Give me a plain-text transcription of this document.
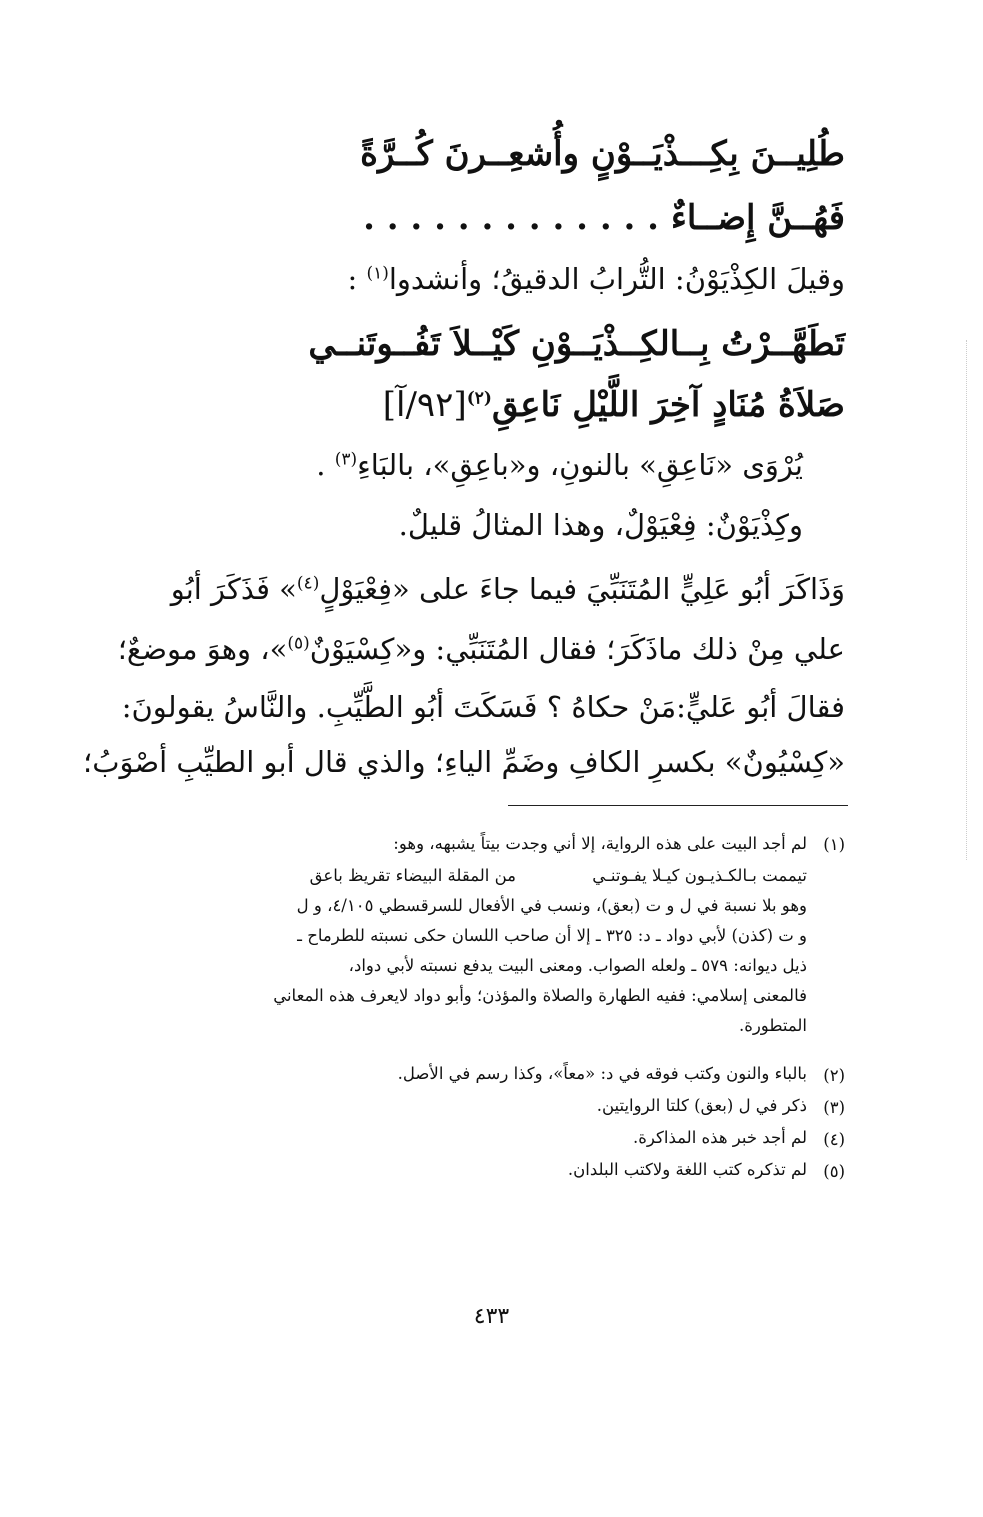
طُلِيــنَ بِكِـــذْيَــوْنٍ وأُشعِــرنَ كُــرَّةً
فَهُــنَّ إِضــاءٌ . . . . . . . . . . . . .
وقيلَ الكِذْيَوْنُ: التُّرابُ الدقيقُ؛ وأنشدوا$^{(١)}$ :
تَطَهَّــرْتُ بِــالكِــذْيَــوْنِ كَيْــلاَ تَفُــوتَنــي
صَلاَةُ مُنَادٍ آخِرَ اللَّيْلِ نَاعِقِ$^{(٢)}$[٩٢/آ]
يُرْوَى «نَاعِقِ» بالنونِ، و«باعِقِ»، بالبَاءِ$^{(٣)}$ .
وكِذْيَوْنٌ: فِعْيَوْلٌ، وهذا المثالُ قليلٌ.
وَذَاكَرَ أبُو عَلِيٍّ المُتَنَبِّيَ فيما جاءَ على «فِعْيَوْلٍ$^{(٤)}$» فَذَكَرَ أبُو
علي مِنْ ذلك ماذَكَرَ؛ فقال المُتَنَبِّي: و«كِسْيَوْنٌ$^{(٥)}$»، وهوَ موضعٌ؛
فقالَ أبُو عَليٍّ:مَنْ حكاهُ ؟ فَسَكَتَ أبُو الطَّيِّبِ. والنَّاسُ يقولونَ:
«كِسْيُونٌ» بكسرِ الكافِ وضَمِّ الياءِ؛ والذي قال أبو الطيِّبِ أصْوَبُ؛
(١)
لم أجد البيت على هذه الرواية، إلا أني وجدت بيتاً يشبهه، وهو:
تيممت بـالكـذيـون كيـلا يفـوتنـي
من المقلة البيضاء تقريظ باعق
وهو بلا نسبة في ل و ت (بعق)، ونسب في الأفعال للسرقسطي ٤/١٠٥، و ل
و ت (كذن) لأبي دواد ـ د: ٣٢٥ ـ إلا أن صاحب اللسان حكى نسبته للطرماح ـ
ذيل ديوانه: ٥٧٩ ـ ولعله الصواب. ومعنى البيت يدفع نسبته لأبي دواد،
فالمعنى إسلامي: ففيه الطهارة والصلاة والمؤذن؛ وأبو دواد لايعرف هذه المعاني
المتطورة.
(٢)
بالباء والنون وكتب فوقه في د: «معاً»، وكذا رسم في الأصل.
(٣)
ذكر في ل (بعق) كلتا الروايتين.
(٤)
لم أجد خبر هذه المذاكرة.
(٥)
لم تذكره كتب اللغة ولاكتب البلدان.
٤٣٣
